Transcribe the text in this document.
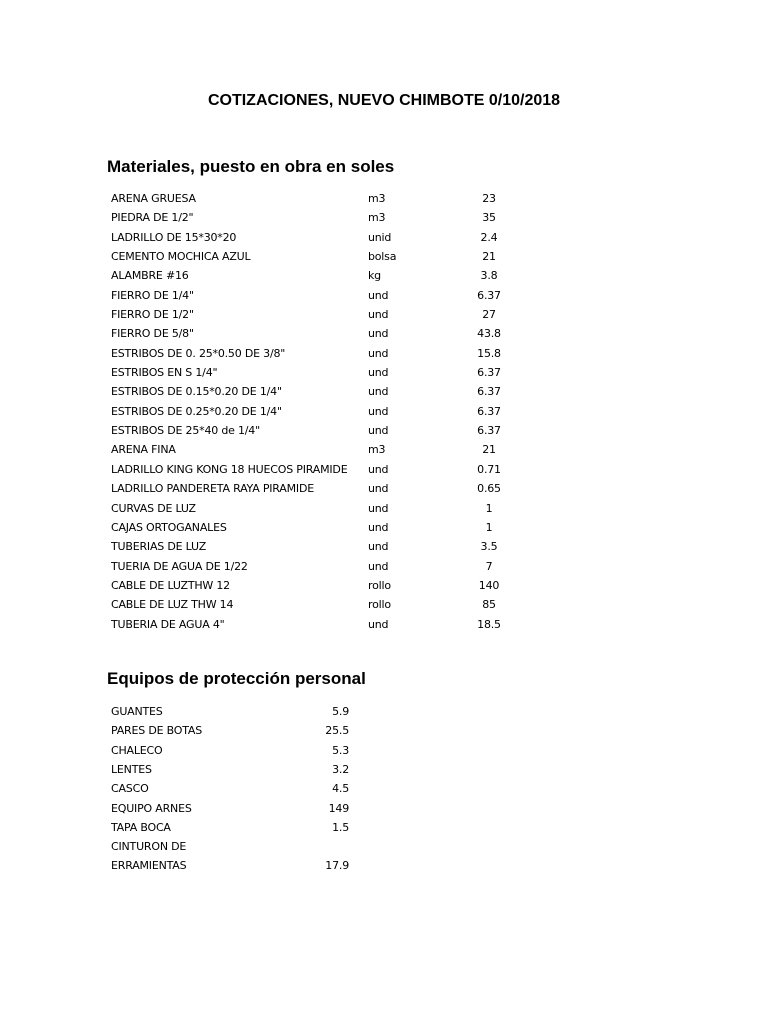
COTIZACIONES, NUEVO CHIMBOTE 0/10/2018
Materiales, puesto en obra en soles
ARENA GRUESA	m3	23
PIEDRA DE 1/2"	m3	35
LADRILLO DE 15*30*20	unid	2.4
CEMENTO MOCHICA AZUL	bolsa	21
ALAMBRE #16	kg	3.8
FIERRO DE 1/4"	und	6.37
FIERRO DE 1/2"	und	27
FIERRO DE 5/8"	und	43.8
ESTRIBOS DE 0. 25*0.50 DE 3/8"	und	15.8
ESTRIBOS EN S 1/4"	und	6.37
ESTRIBOS DE 0.15*0.20 DE 1/4"	und	6.37
ESTRIBOS DE 0.25*0.20 DE 1/4"	und	6.37
ESTRIBOS DE 25*40 de 1/4"	und	6.37
ARENA FINA	m3	21
LADRILLO KING KONG 18 HUECOS PIRAMIDE und	0.71
LADRILLO PANDERETA RAYA PIRAMIDE	und	0.65
CURVAS DE LUZ	und	1
CAJAS ORTOGANALES	und	1
TUBERIAS DE LUZ	und	3.5
TUERIA DE AGUA DE 1/22	und	7
CABLE DE LUZTHW 12	rollo	140
CABLE DE LUZ THW 14	rollo	85
TUBERIA DE AGUA 4"	und	18.5
Equipos de protección personal
GUANTES	5.9
PARES DE BOTAS	25.5
CHALECO	5.3
LENTES	3.2
CASCO	4.5
EQUIPO ARNES	149
TAPA BOCA	1.5
CINTURON DE
ERRAMIENTAS	17.9
